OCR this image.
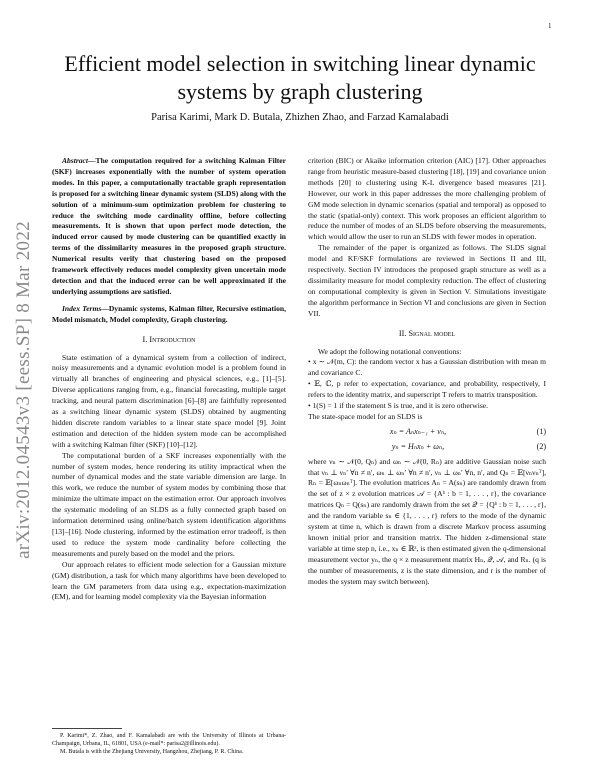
1
arXiv:2012.04543v3 [eess.SP] 8 Mar 2022
Efficient model selection in switching linear dynamic systems by graph clustering
Parisa Karimi, Mark D. Butala, Zhizhen Zhao, and Farzad Kamalabadi

Abstract—The computation required for a switching Kalman Filter (SKF) increases exponentially with the number of system operation modes. In this paper, a computationally tractable graph representation is proposed for a switching linear dynamic system (SLDS) along with the solution of a minimum-sum optimization problem for clustering to reduce the switching mode cardinality offline, before collecting measurements. It is shown that upon perfect mode detection, the induced error caused by mode clustering can be quantified exactly in terms of the dissimilarity measures in the proposed graph structure. Numerical results verify that clustering based on the proposed framework effectively reduces model complexity given uncertain mode detection and that the induced error can be well approximated if the underlying assumptions are satisfied.

Index Terms—Dynamic systems, Kalman filter, Recursive estimation, Model mismatch, Model complexity, Graph clustering.

I. Introduction

State estimation of a dynamical system from a collection of indirect, noisy measurements and a dynamic evolution model is a problem found in virtually all branches of engineering and physical sciences, e.g., [1]–[5]. Diverse applications ranging from, e.g., financial forecasting, multiple target tracking, and neural pattern discrimination [6]–[8] are faithfully represented as a switching linear dynamic system (SLDS) obtained by augmenting hidden discrete random variables to a linear state space model [9]. Joint estimation and detection of the hidden system mode can be accomplished with a switching Kalman filter (SKF) [10]–[12].

The computational burden of a SKF increases exponentially with the number of system modes, hence rendering its utility impractical when the number of dynamical modes and the state variable dimension are large. In this work, we reduce the number of system modes by combining those that minimize the ultimate impact on the estimation error. Our approach involves the systematic modeling of an SLDS as a fully connected graph based on information determined using online/batch system identification algorithms [13]–[16]. Node clustering, informed by the estimation error tradeoff, is then used to reduce the system mode cardinality before collecting the measurements and purely based on the model and the priors.

Our approach relates to efficient mode selection for a Gaussian mixture (GM) distribution, a task for which many algorithms have been developed to learn the GM parameters from data using e.g., expectation-maximization (EM), and for learning model complexity via the Bayesian information

criterion (BIC) or Akaike information criterion (AIC) [17]. Other approaches range from heuristic measure-based clustering [18], [19] and covariance union methods [20] to clustering using K-L divergence based measures [21]. However, our work in this paper addresses the more challenging problem of GM mode selection in dynamic scenarios (spatial and temporal) as opposed to the static (spatial-only) context. This work proposes an efficient algorithm to reduce the number of modes of an SLDS before observing the measurements, which would allow the user to run an SLDS with fewer modes in operation.

The remainder of the paper is organized as follows. The SLDS signal model and KF/SKF formulations are reviewed in Sections II and III, respectively. Section IV introduces the proposed graph structure as well as a dissimilarity measure for model complexity reduction. The effect of clustering on computational complexity is given in Section V. Simulations investigate the algorithm performance in Section VI and conclusions are given in Section VII.

II. Signal model

We adopt the following notational conventions:

• x ∼ 𝒩(m, C): the random vector x has a Gaussian distribution with mean m and covariance C.

• 𝔼, ℂ, p refer to expectation, covariance, and probability, respectively, I refers to the identity matrix, and superscript T refers to matrix transposition.

• 1(S) = 1 if the statement S is true, and it is zero otherwise.

The state-space model for an SLDS is

xₙ = Aₙxₙ₋₁ + νₙ,	(1)
yₙ = Hₙxₙ + ωₙ,	(2)

where νₙ ∼ 𝒩(0, Qₙ) and ωₙ ∼ 𝒩(0, Rₙ) are additive Gaussian noise such that νₙ ⊥ νₙ′ ∀n ≠ n′, ωₙ ⊥ ωₙ′ ∀n ≠ n′, νₙ ⊥ ωₙ′ ∀n, n′, and Qₙ = 𝔼[νₙνₙᵀ], Rₙ = 𝔼[ωₙωₙᵀ]. The evolution matrices Aₙ = A(sₙ) are randomly drawn from the set of z × z evolution matrices 𝒜 = {Aᵇ : b = 1, . . . , r}, the covariance matrices Qₙ = Q(sₙ) are randomly drawn from the set 𝒬 = {Qᵇ : b = 1, . . . , r}, and the random variable sₙ ∈ {1, . . . , r} refers to the mode of the dynamic system at time n, which is drawn from a discrete Markov process assuming known initial prior and transition matrix. The hidden z-dimensional state variable at time step n, i.e., xₙ ∈ ℝᶻ, is then estimated given the q-dimensional measurement vector yₙ, the q × z measurement matrix Hₙ, 𝒬, 𝒜, and Rₙ. (q is the number of measurements, z is the state dimension, and r is the number of modes the system may switch between).

P. Karimi*, Z. Zhao, and F. Kamalabadi are with the University of Illinois at Urbana-Champaign, Urbana, IL, 61801, USA (e-mail*: parisa2@illinois.edu).

M. Butala is with the Zhejiang University, Hangzhou, Zhejiang, P. R. China.
